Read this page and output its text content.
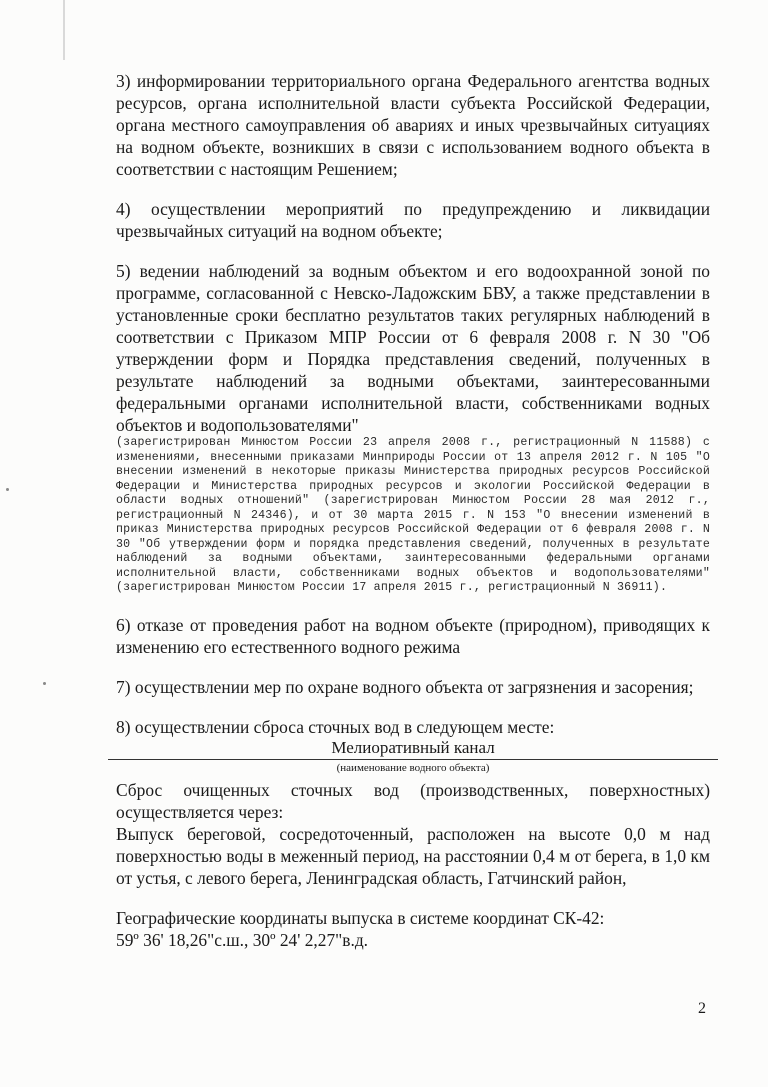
3) информировании территориального органа Федерального агентства водных ресурсов, органа исполнительной власти субъекта Российской Федерации, органа местного самоуправления об авариях и иных чрезвычайных ситуациях на водном объекте, возникших в связи с использованием водного объекта в соответствии с настоящим Решением;

4) осуществлении мероприятий по предупреждению и ликвидации чрезвычайных ситуаций на водном объекте;

5) ведении наблюдений за водным объектом и его водоохранной зоной по программе, согласованной с Невско-Ладожским БВУ, а также представлении в установленные сроки бесплатно результатов таких регулярных наблюдений в соответствии с Приказом МПР России от 6 февраля 2008 г. N 30 "Об утверждении форм и Порядка представления сведений, полученных в результате наблюдений за водными объектами, заинтересованными федеральными органами исполнительной власти, собственниками водных объектов и водопользователями"

(зарегистрирован Минюстом России 23 апреля 2008 г., регистрационный N 11588) с изменениями, внесенными приказами Минприроды России от 13 апреля 2012 г. N 105 "О внесении изменений в некоторые приказы Министерства природных ресурсов Российской Федерации и Министерства природных ресурсов и экологии Российской Федерации в области водных отношений" (зарегистрирован Минюстом России 28 мая 2012 г., регистрационный N 24346), и от 30 марта 2015 г. N 153 "О внесении изменений в приказ Министерства природных ресурсов Российской Федерации от 6 февраля 2008 г. N 30 "Об утверждении форм и порядка представления сведений, полученных в результате наблюдений за водными объектами, заинтересованными федеральными органами исполнительной власти, собственниками водных объектов и водопользователями" (зарегистрирован Минюстом России 17 апреля 2015 г., регистрационный N 36911).

6) отказе от проведения работ на водном объекте (природном), приводящих к изменению его естественного водного режима

7) осуществлении мер по охране водного объекта от загрязнения и засорения;

8) осуществлении сброса сточных вод в следующем месте:

Мелиоративный канал

(наименование водного объекта)

Сброс очищенных сточных вод (производственных, поверхностных) осуществляется через:

Выпуск береговой, сосредоточенный, расположен на высоте 0,0 м над поверхностью воды в меженный период, на расстоянии 0,4 м от берега, в 1,0 км от устья, с левого берега, Ленинградская область, Гатчинский район,

Географические координаты выпуска в системе координат СК-42:

59º 36' 18,26"с.ш., 30º 24' 2,27"в.д.

2
